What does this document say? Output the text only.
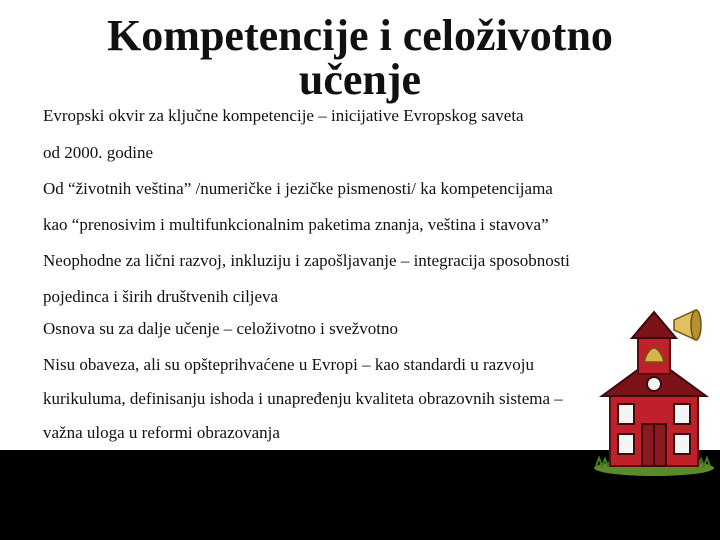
Kompetencije i celoživotno
učenje
Evropski okvir za ključne kompetencije – inicijative Evropskog saveta
od 2000. godine
Od “životnih veština” /numeričke i jezičke pismenosti/ ka kompetencijama
kao “prenosivim i multifunkcionalnim paketima znanja, veština i stavova”
Neophodne za lični razvoj, inkluziju i zapošljavanje – integracija sposobnosti
pojedinca i širih društvenih ciljeva
Osnova su za dalje učenje – celoživotno i svežvotno
Nisu obaveza, ali su opšteprihvaćene u Evropi – kao standardi u razvoju
kurikuluma, definisanju ishoda i unapređenju kvaliteta obrazovnih sistema –
važna uloga u reformi obrazovanja
